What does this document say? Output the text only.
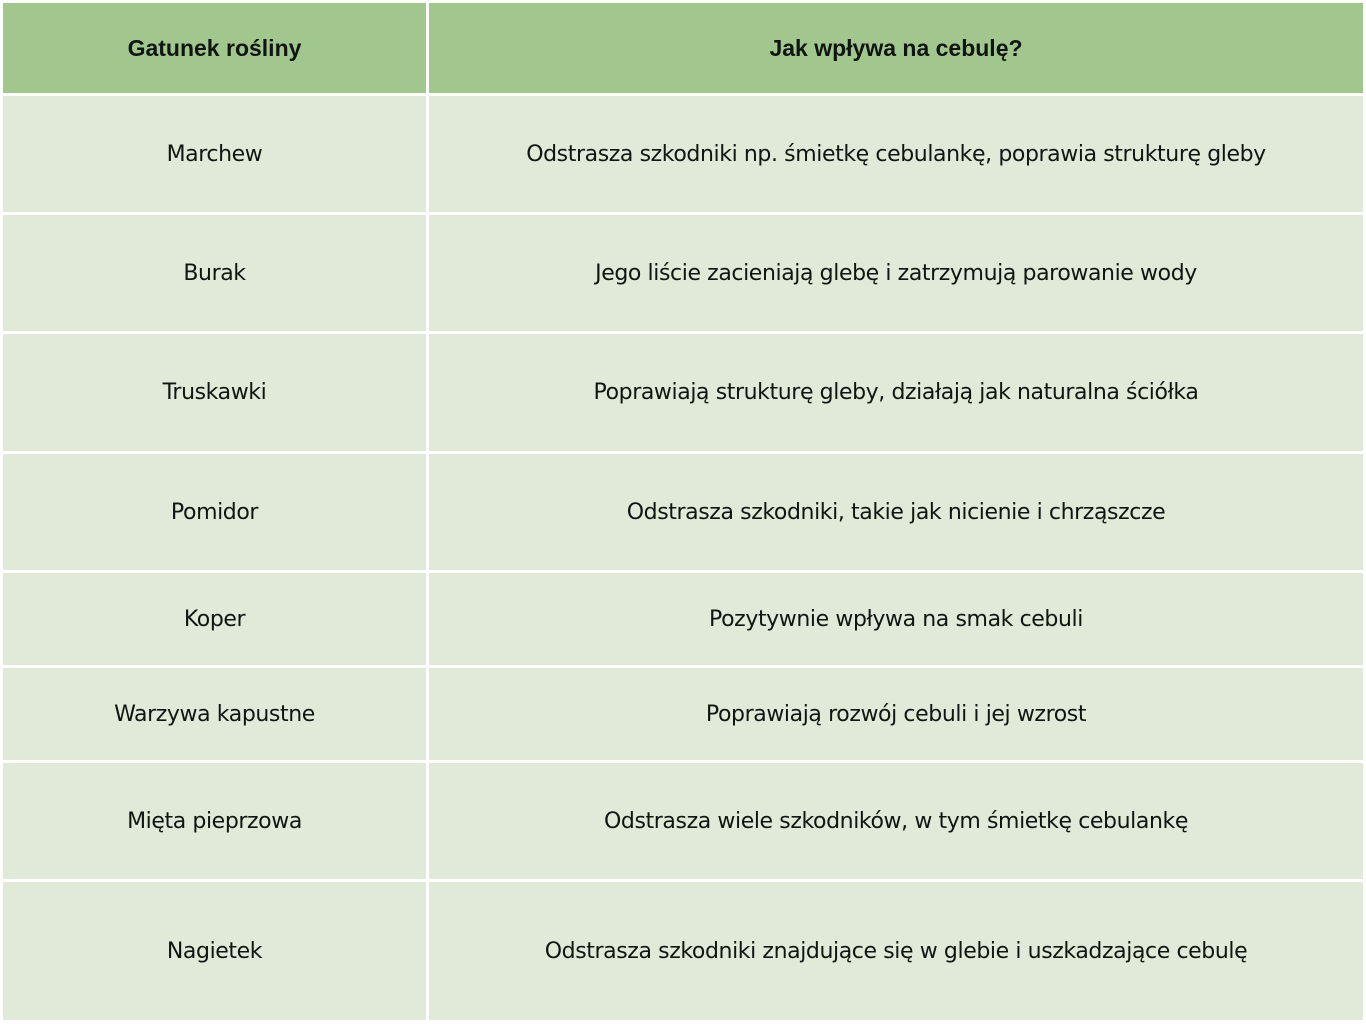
Gatunek rośliny	Jak wpływa na cebulę?
Marchew	Odstrasza szkodniki np. śmietkę cebulankę, poprawia strukturę gleby
Burak	Jego liście zacieniają glebę i zatrzymują parowanie wody
Truskawki	Poprawiają strukturę gleby, działają jak naturalna ściółka
Pomidor	Odstrasza szkodniki, takie jak nicienie i chrząszcze
Koper	Pozytywnie wpływa na smak cebuli
Warzywa kapustne	Poprawiają rozwój cebuli i jej wzrost
Mięta pieprzowa	Odstrasza wiele szkodników, w tym śmietkę cebulankę
Nagietek	Odstrasza szkodniki znajdujące się w glebie i uszkadzające cebulę
